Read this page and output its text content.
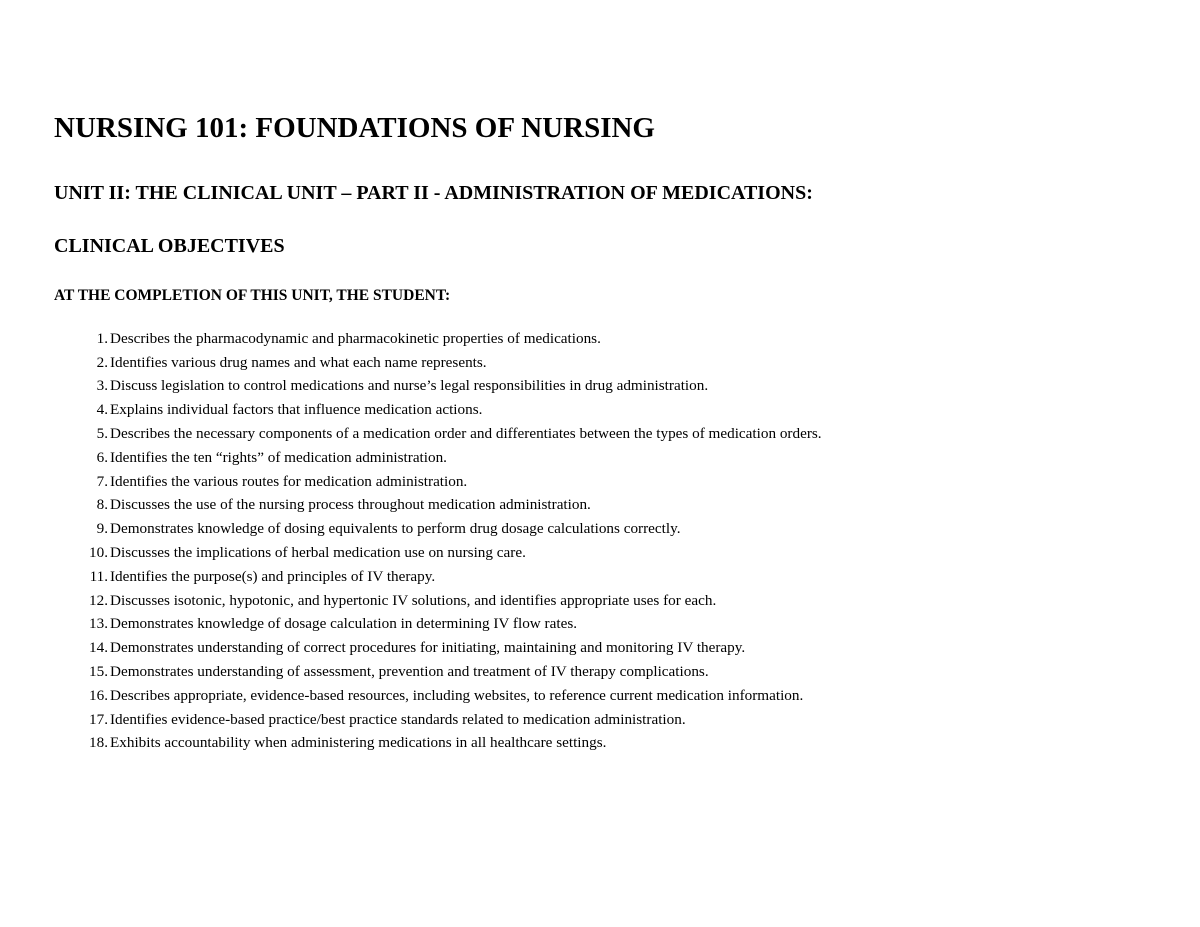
NURSING 101: FOUNDATIONS OF NURSING
UNIT II: THE CLINICAL UNIT – PART II - ADMINISTRATION OF MEDICATIONS:
CLINICAL OBJECTIVES

AT THE COMPLETION OF THIS UNIT, THE STUDENT:

1. Describes the pharmacodynamic and pharmacokinetic properties of medications.
2. Identifies various drug names and what each name represents.
3. Discuss legislation to control medications and nurse’s legal responsibilities in drug administration.
4. Explains individual factors that influence medication actions.
5. Describes the necessary components of a medication order and differentiates between the types of medication orders.
6. Identifies the ten “rights” of medication administration.
7. Identifies the various routes for medication administration.
8. Discusses the use of the nursing process throughout medication administration.
9. Demonstrates knowledge of dosing equivalents to perform drug dosage calculations correctly.
10. Discusses the implications of herbal medication use on nursing care.
11. Identifies the purpose(s) and principles of IV therapy.
12. Discusses isotonic, hypotonic, and hypertonic IV solutions, and identifies appropriate uses for each.
13. Demonstrates knowledge of dosage calculation in determining IV flow rates.
14. Demonstrates understanding of correct procedures for initiating, maintaining and monitoring IV therapy.
15. Demonstrates understanding of assessment, prevention and treatment of IV therapy complications.
16. Describes appropriate, evidence-based resources, including websites, to reference current medication information.
17. Identifies evidence-based practice/best practice standards related to medication administration.
18. Exhibits accountability when administering medications in all healthcare settings.
